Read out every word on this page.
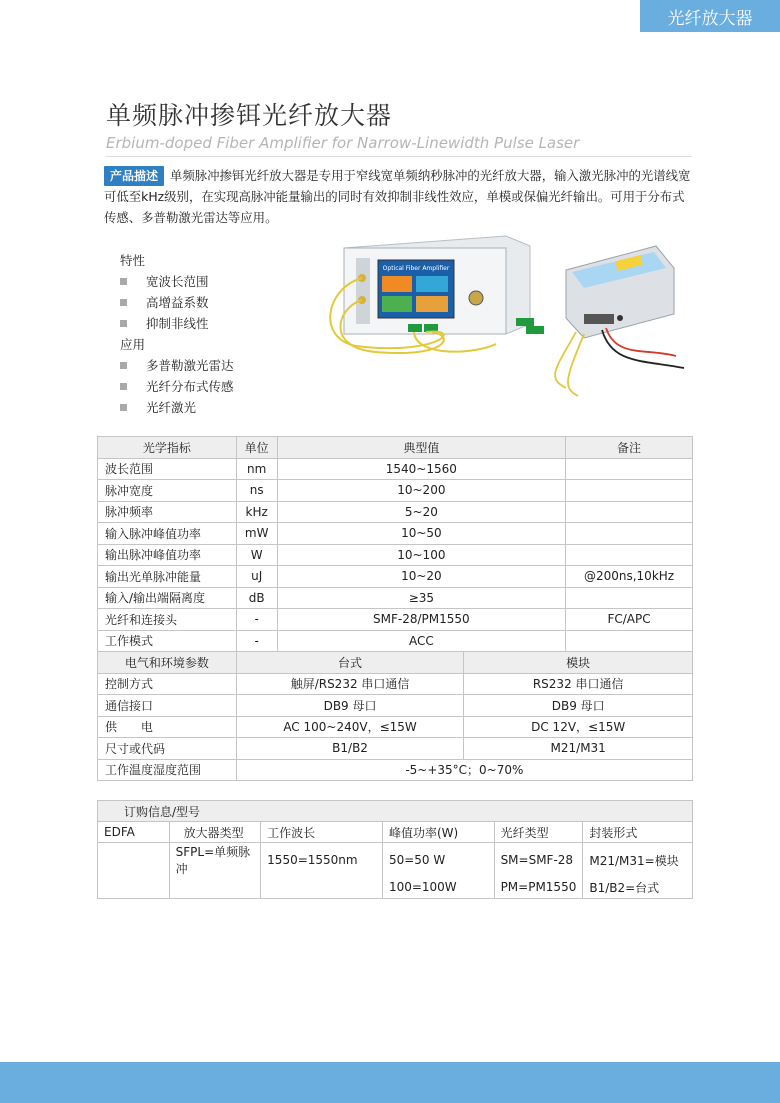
光纤放大器
单频脉冲掺铒光纤放大器
Erbium-doped Fiber Amplifier for Narrow-Linewidth Pulse Laser
产品描述 单频脉冲掺铒光纤放大器是专用于窄线宽单频纳秒脉冲的光纤放大器，输入激光脉冲的光谱线宽可低至kHz级别，在实现高脉冲能量输出的同时有效抑制非线性效应，单模或保偏光纤输出。可用于分布式传感、多普勒激光雷达等应用。
特性
宽波长范围
高增益系数
抑制非线性
应用
多普勒激光雷达
光纤分布式传感
光纤激光
Optical Fiber Amplifier
光学指标	单位	典型值	备注
波长范围	nm	1540~1560	
脉冲宽度	ns	10~200	
脉冲频率	kHz	5~20	
输入脉冲峰值功率	mW	10~50	
输出脉冲峰值功率	W	10~100	
输出光单脉冲能量	uJ	10~20	@200ns,10kHz
输入/输出端隔离度	dB	≥35	
光纤和连接头	-	SMF-28/PM1550	FC/APC
工作模式	-	ACC	
电气和环境参数	台式	模块
控制方式	触屏/RS232 串口通信	RS232 串口通信
通信接口	DB9 母口	DB9 母口
供 电	AC 100~240V，≤15W	DC 12V，≤15W
尺寸或代码	B1/B2	M21/M31
工作温度湿度范围	-5~+35°C；0~70%	
订购信息/型号					
EDFA	放大器类型	工作波长	峰值功率(W)	光纤类型	封装形式
	SFPL=单频脉冲	1550=1550nm	50=50 W	SM=SMF-28	M21/M31=模块
			100=100W	PM=PM1550	B1/B2=台式
